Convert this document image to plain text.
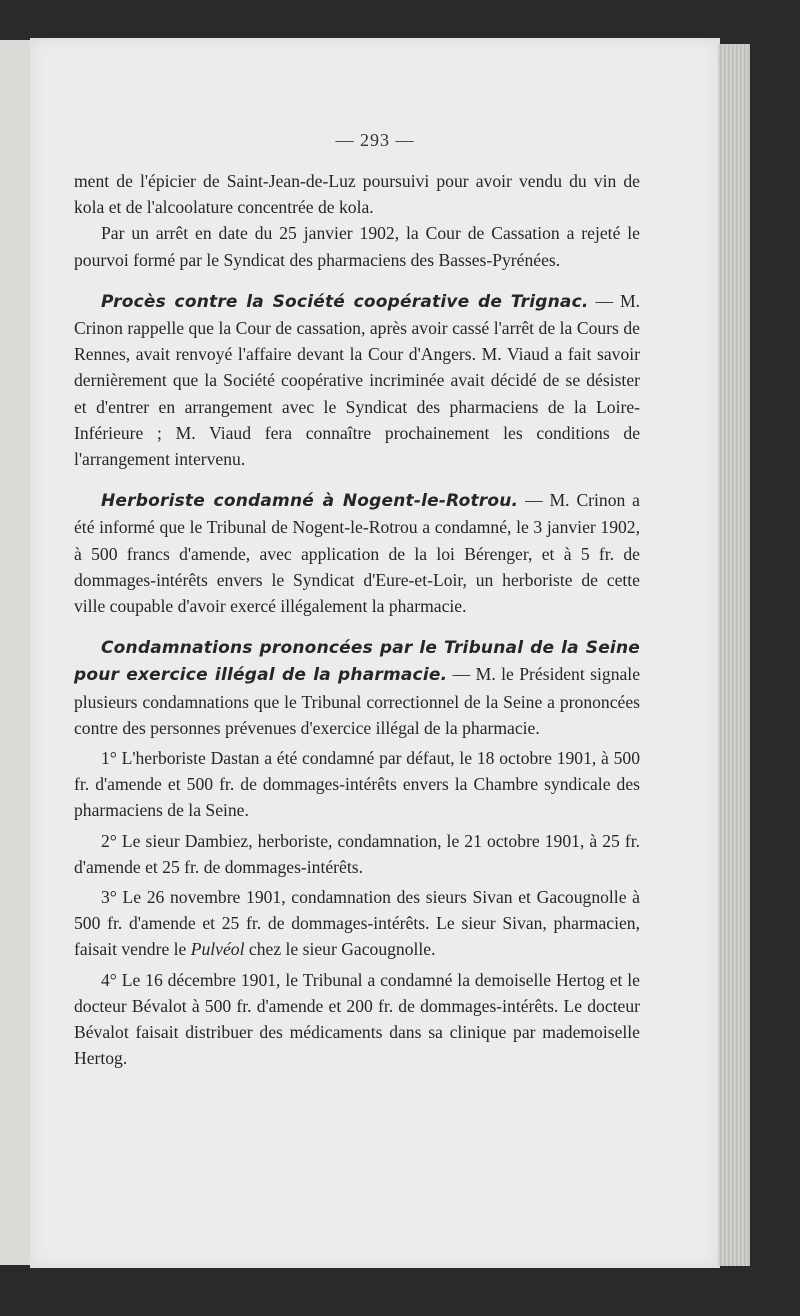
— 293 —

ment de l'épicier de Saint-Jean-de-Luz poursuivi pour avoir vendu du vin de kola et de l'alcoolature concentrée de kola.

Par un arrêt en date du 25 janvier 1902, la Cour de Cassation a rejeté le pourvoi formé par le Syndicat des pharmaciens des Basses-Pyrénées.

Procès contre la Société coopérative de Trignac. — M. Crinon rappelle que la Cour de cassation, après avoir cassé l'arrêt de la Cours de Rennes, avait renvoyé l'affaire devant la Cour d'Angers. M. Viaud a fait savoir dernièrement que la Société coopérative incriminée avait décidé de se désister et d'entrer en arrangement avec le Syndicat des pharmaciens de la Loire-Inférieure ; M. Viaud fera connaître prochainement les conditions de l'arrangement intervenu.

Herboriste condamné à Nogent-le-Rotrou. — M. Crinon a été informé que le Tribunal de Nogent-le-Rotrou a condamné, le 3 janvier 1902, à 500 francs d'amende, avec application de la loi Bérenger, et à 5 fr. de dommages-intérêts envers le Syndicat d'Eure-et-Loir, un herboriste de cette ville coupable d'avoir exercé illégalement la pharmacie.

Condamnations prononcées par le Tribunal de la Seine pour exercice illégal de la pharmacie. — M. le Président signale plusieurs condamnations que le Tribunal correctionnel de la Seine a prononcées contre des personnes prévenues d'exercice illégal de la pharmacie.

1° L'herboriste Dastan a été condamné par défaut, le 18 octobre 1901, à 500 fr. d'amende et 500 fr. de dommages-intérêts envers la Chambre syndicale des pharmaciens de la Seine.

2° Le sieur Dambiez, herboriste, condamnation, le 21 octobre 1901, à 25 fr. d'amende et 25 fr. de dommages-intérêts.

3° Le 26 novembre 1901, condamnation des sieurs Sivan et Gacougnolle à 500 fr. d'amende et 25 fr. de dommages-intérêts. Le sieur Sivan, pharmacien, faisait vendre le Pulvéol chez le sieur Gacougnolle.

4° Le 16 décembre 1901, le Tribunal a condamné la demoiselle Hertog et le docteur Bévalot à 500 fr. d'amende et 200 fr. de dommages-intérêts. Le docteur Bévalot faisait distribuer des médicaments dans sa clinique par mademoiselle Hertog.
